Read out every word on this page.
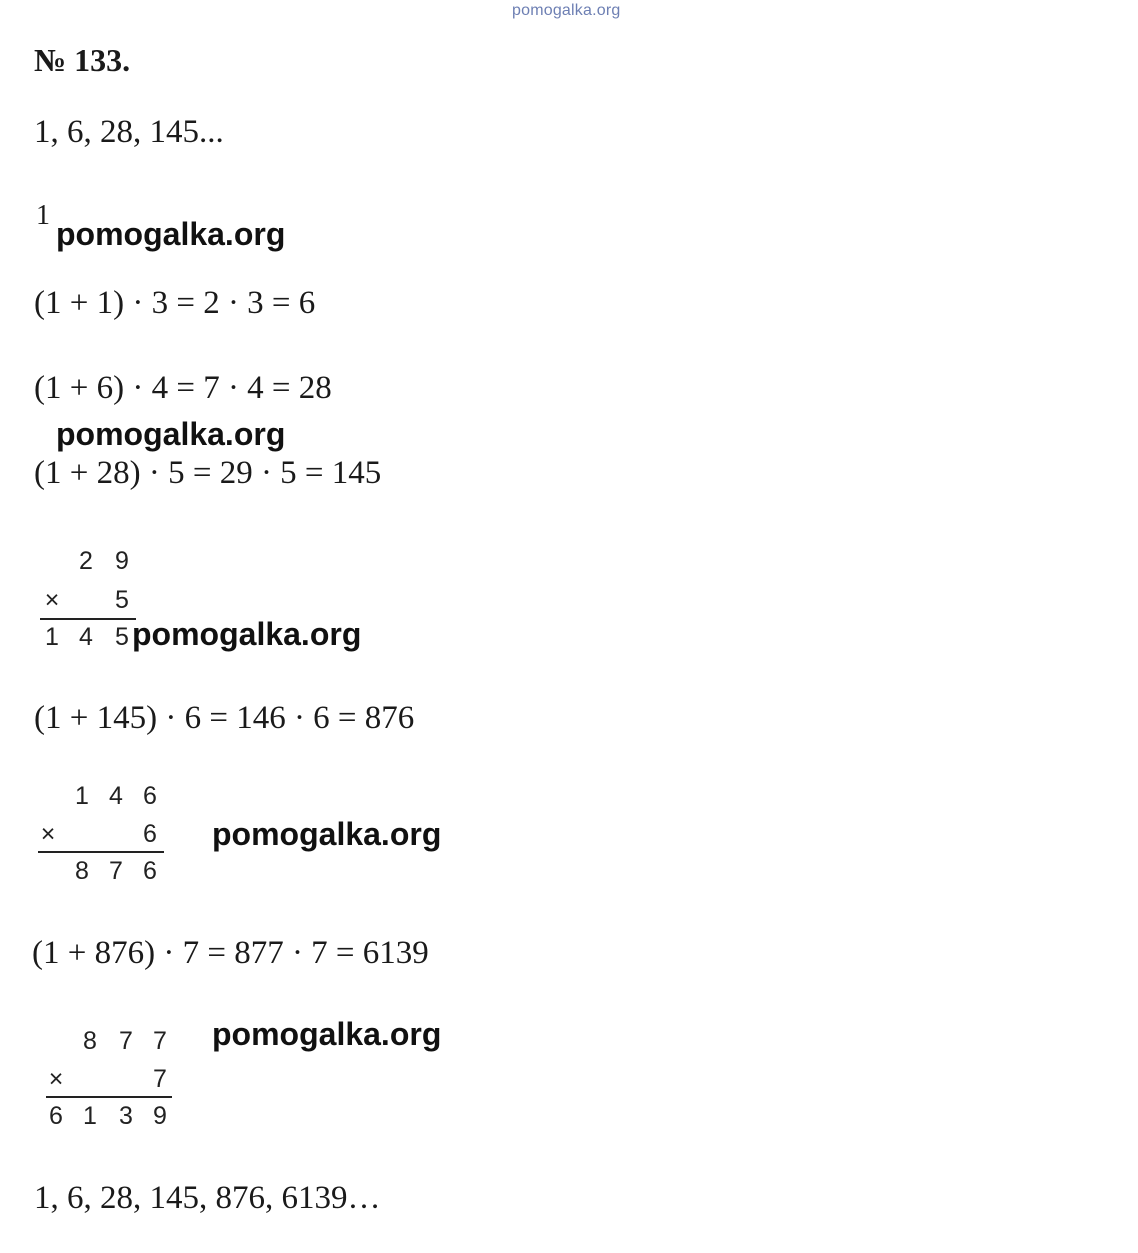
pomogalka.org
№ 133.
1, 6, 28, 145...
1
pomogalka.org
(1 + 1) · 3 = 2 · 3 = 6
(1 + 6) · 4 = 7 · 4 = 28
pomogalka.org
(1 + 28) · 5 = 29 · 5 = 145
2 9
× 5
1 4 5 pomogalka.org
(1 + 145) · 6 = 146 · 6 = 876
1 4 6
×	6
8 7 6
pomogalka.org
(1 + 876) · 7 = 877 · 7 = 6139
8 7 7
×	7
6 1 3 9
pomogalka.org
1, 6, 28, 145, 876, 6139…
